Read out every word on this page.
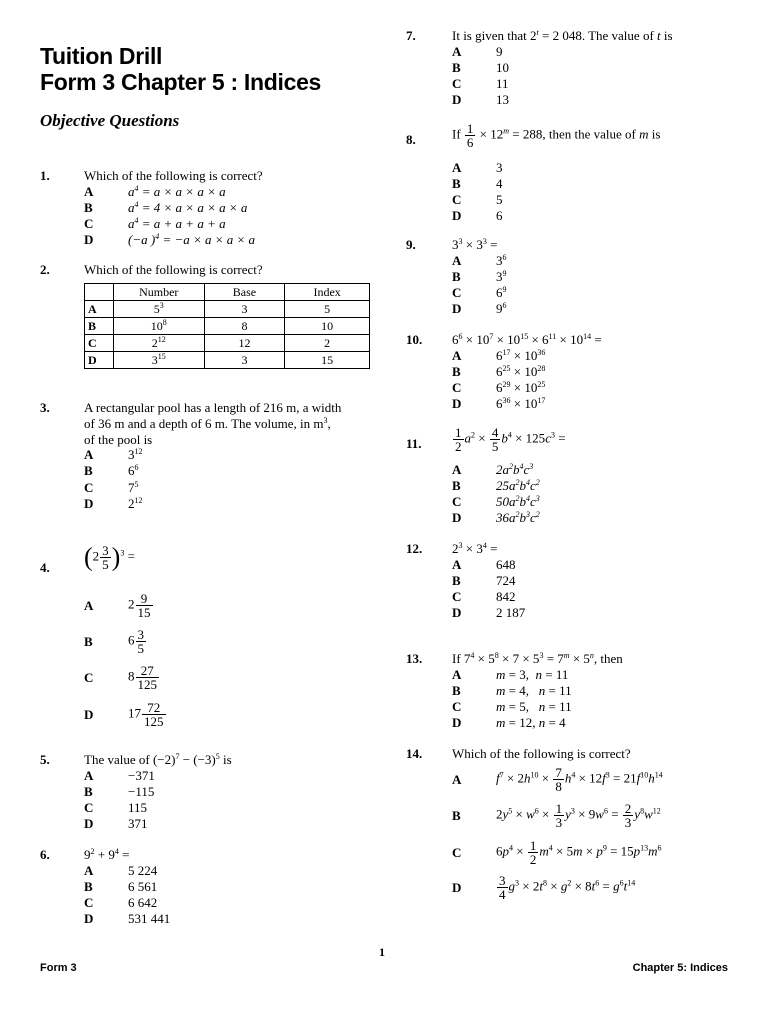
Tuition Drill
Form 3 Chapter 5 : Indices
Objective Questions
1.	Which of the following is correct?
A	$a^4 = a \times a \times a \times a$
B	$a^4 = 4 \times a \times a \times a \times a$
C	$a^4 = a + a + a + a$
D	(−a )$^4$ = −a × a × a × a
2.	Which of the following is correct?
	Number	Base	Index
A	$5^3$	3	5
B	$10^8$	8	10
C	$2^{12}$	12	2
D	$3^{15}$	3	15
3.	A rectangular pool has a length of 216 m, a width
of 36 m and a depth of 6 m. The volume, in $m^3$,
of the pool is
A	$3^{12}$
B	$6^6$
C	$7^5$
D	$2^{12}$
4. $(2 \frac{3}{5} )^3$ =
A	$2 \frac{9}{15}$
B	$6 \frac{3}{5}$
C	$8 \frac{27}{125}$
D	$17 \frac{72}{125}$
5.	The value of $(-2)^7 - (-3)^5$ is
A	−371
B	−115
C	115
D	371
6.	$9^2 + 9^4$ =
A	5 224
B	6 561
C	6 642
D	531 441
7.	It is given that $2^t = 2$ 048. The value of t is
A	9
B	10
C	11
D	13
8.	If $\frac{1}{6} \times 12^m = 288$, then the value of m is
A	3
B	4
C	5
D	6
9.	$3^3 \times 3^3$ =
A	$3^6$
B	$3^9$
C	$6^9$
D	$9^6$
10. $6^6 \times 10^7 \times 10^{15} \times 6^{11} \times 10^{14}$ =
A	$6^{17} \times 10^{36}$
B	$6^{25} \times 10^{28}$
C	$6^{29} \times 10^{25}$
D	$6^{36} \times 10^{17}$
11. $\frac{1}{2} a^2 \times \frac{4}{5} b^4 \times 125c^3$ =
A	$2a^2b^4c^3$
B	$25a^2b^4c^2$
C	$50a^2b^4c^3$
D	$36a^2b^3c^2$
12. $2^3 \times 3^4$ =
A	648
B	724
C	842
D	2 187
13. If $7^4 \times 5^8 \times 7 \times 5^3 = 7^m \times 5^n$, then
A	m = 3,  n = 11
B	m = 4,   n = 11
C	m = 5,   n = 11
D	m = 12, n = 4
14. Which of the following is correct?
A	$f^7 \times 2h^{10} \times \frac{7}{8} h^4 \times 12f^3 = 21f^{10}h^{14}$
B	$2y^5 \times w^6 \times \frac{1}{3} y^3 \times 9w^6 = \frac{2}{3} y^8w^{12}$
C	$6p^4 \times \frac{1}{2} m^4 \times 5m \times p^9 = 15p^{13}m^6$
D	$\frac{3}{4} g^3 \times 2t^8 \times g^2 \times 8t^6 = g^6t^{14}$
1
Form 3	Chapter 5: Indices
